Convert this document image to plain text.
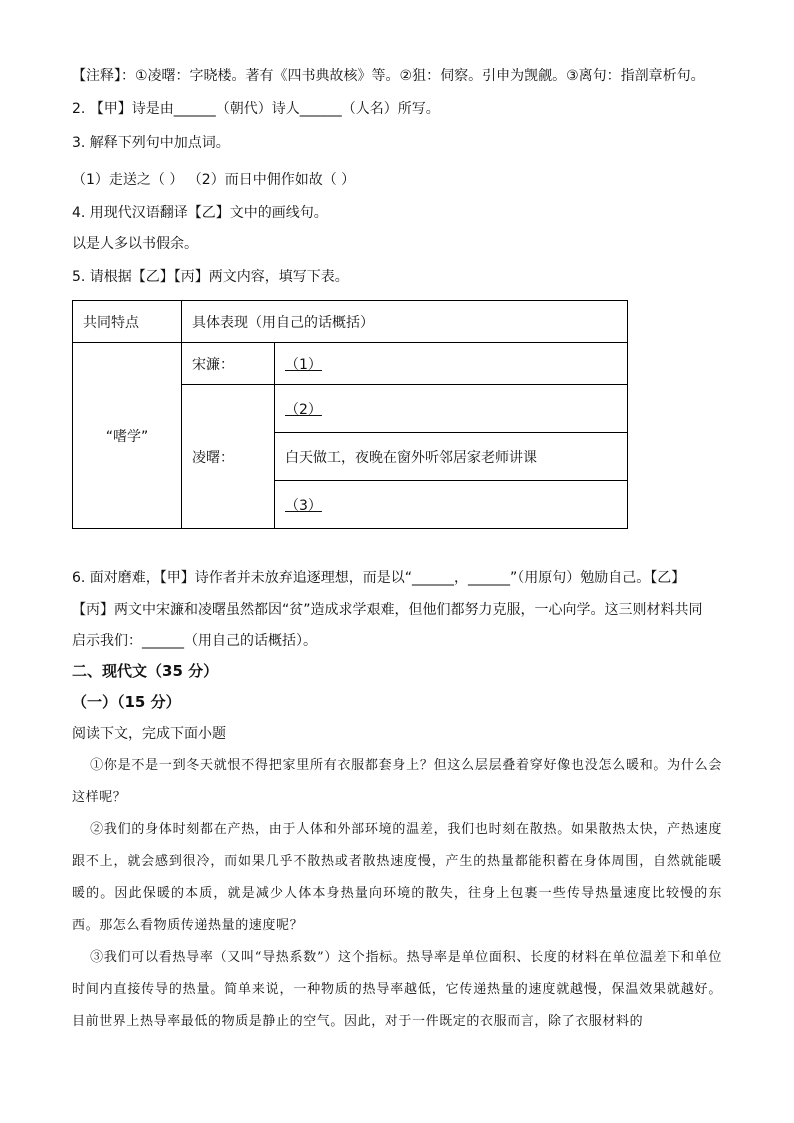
【注释】：①凌曙：字晓楼。著有《四书典故核》等。②狙：伺察。引申为觊觎。③离句：指剖章析句。
2. 【甲】诗是由______（朝代）诗人______（人名）所写。
3. 解释下列句中加点词。
（1）走送之（ ） （2）而日中佣作如故（ ）
4. 用现代汉语翻译【乙】文中的画线句。
以是人多以书假余。
5. 请根据【乙】【丙】两文内容，填写下表。
共同特点	具体表现（用自己的话概括）	
“嗜学”	宋濂：	（1）
	凌曙：	（2）
		白天做工，夜晚在窗外听邻居家老师讲课
		（3）
6. 面对磨难，【甲】诗作者并未放弃追逐理想，而是以“______，______”（用原句）勉励自己。【乙】
【丙】两文中宋濂和凌曙虽然都因“贫”造成求学艰难，但他们都努力克服，一心向学。这三则材料共同
启示我们：______（用自己的话概括）。
二、现代文（35 分）
（一）（15 分）
阅读下文，完成下面小题
①你是不是一到冬天就恨不得把家里所有衣服都套身上？但这么层层叠着穿好像也没怎么暖和。为什么会这样呢？
②我们的身体时刻都在产热，由于人体和外部环境的温差，我们也时刻在散热。如果散热太快，产热速度跟不上，就会感到很冷，而如果几乎不散热或者散热速度慢，产生的热量都能积蓄在身体周围，自然就能暖暖的。因此保暖的本质，就是减少人体本身热量向环境的散失，往身上包裹一些传导热量速度比较慢的东西。那怎么看物质传递热量的速度呢？
③我们可以看热导率（又叫“导热系数”）这个指标。热导率是单位面积、长度的材料在单位温差下和单位时间内直接传导的热量。简单来说，一种物质的热导率越低，它传递热量的速度就越慢，保温效果就越好。目前世界上热导率最低的物质是静止的空气。因此，对于一件既定的衣服而言，除了衣服材料的
